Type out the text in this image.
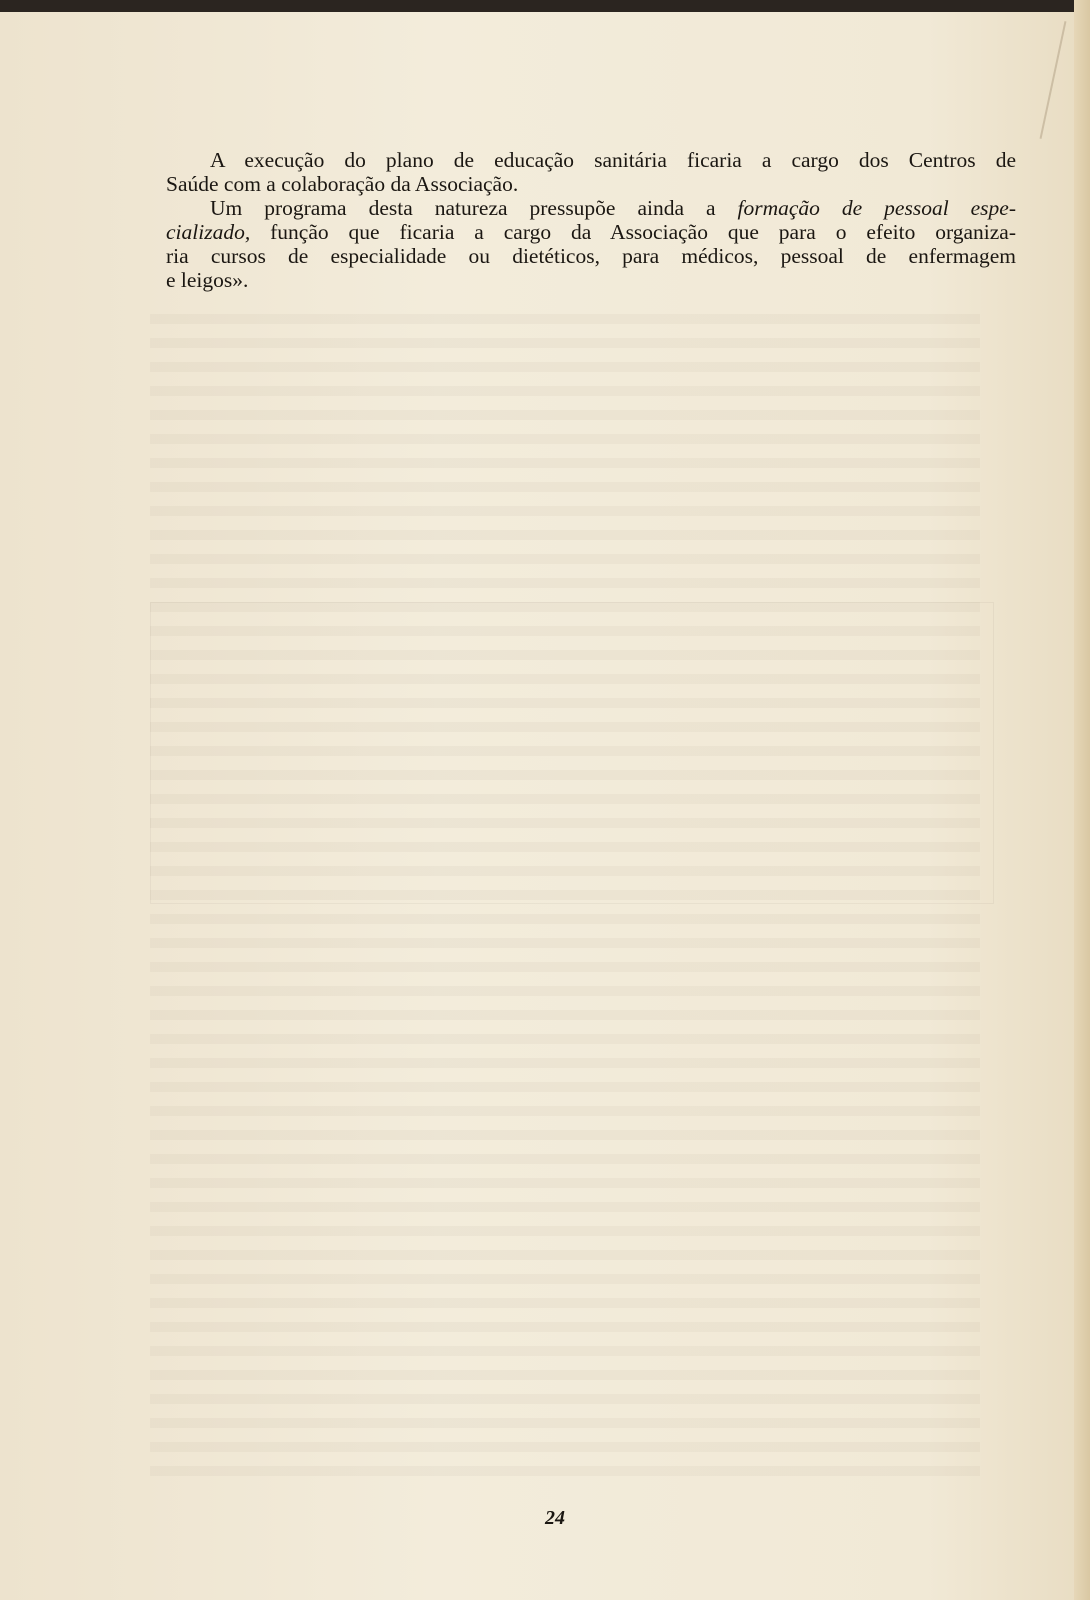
A execução do plano de educação sanitária ficaria a cargo dos Centros de
Saúde com a colaboração da Associação.
Um programa desta natureza pressupõe ainda a formação de pessoal espe-
cializado, função que ficaria a cargo da Associação que para o efeito organiza-
ria cursos de especialidade ou dietéticos, para médicos, pessoal de enfermagem
e leigos».
24
